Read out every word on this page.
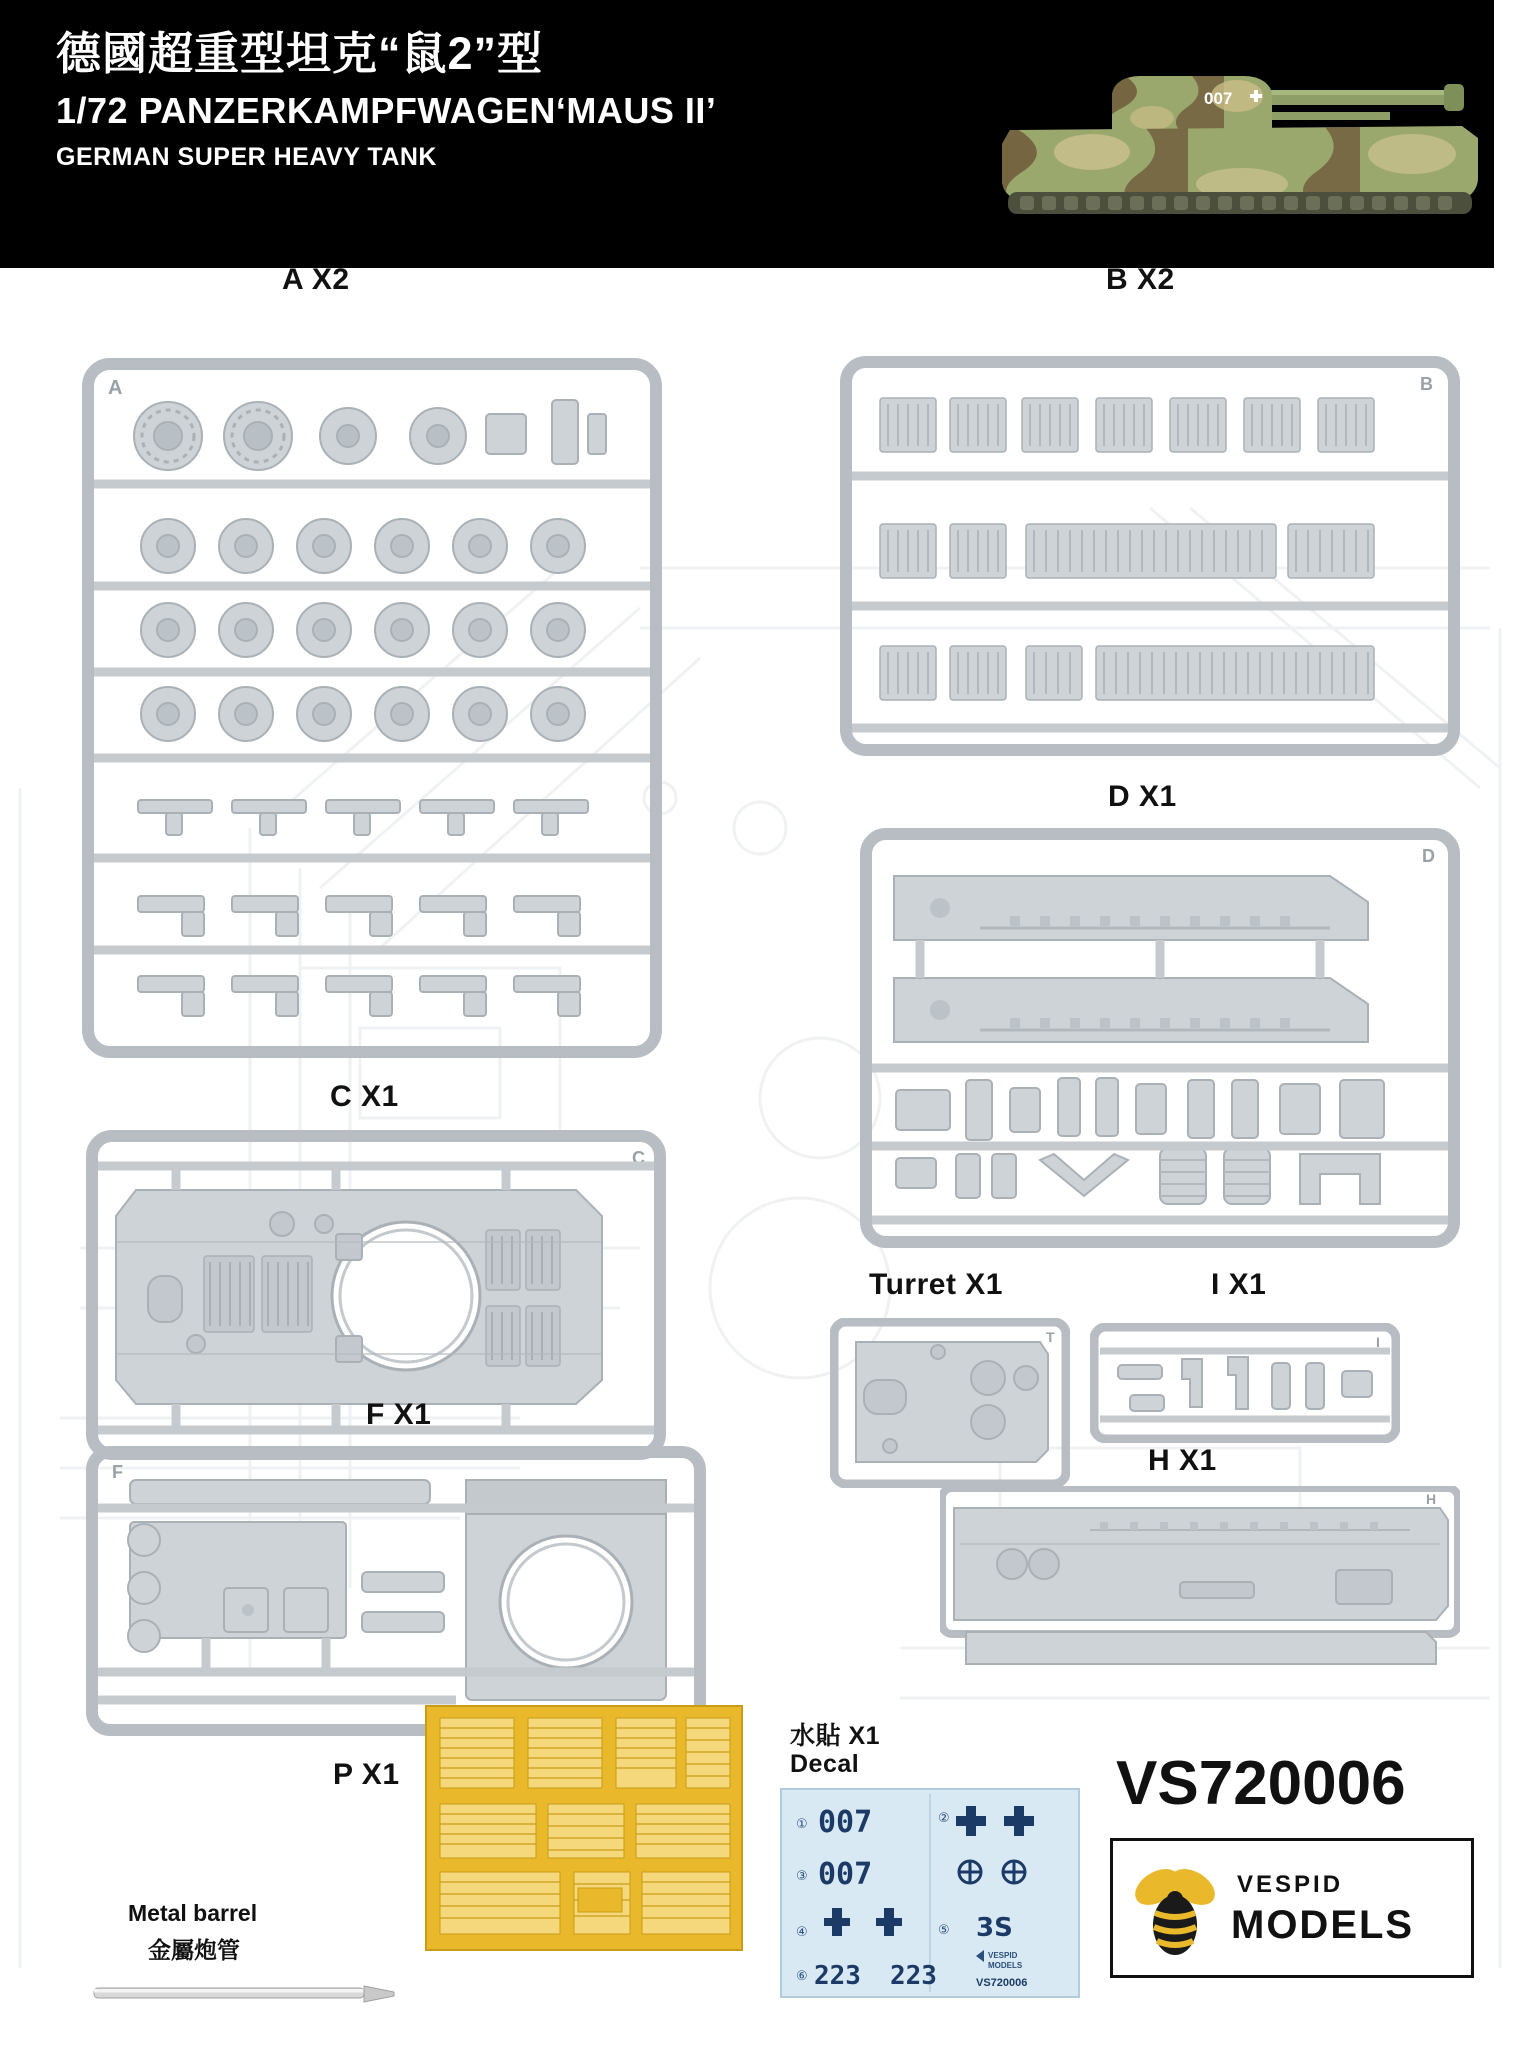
德國超重型坦克“鼠2”型
1/72 PANZERKAMPFWAGEN‘MAUS II’
GERMAN SUPER HEAVY TANK
007
A X2
A
B X2
B
D X1
D
C X1
C
Turret X1
T
I X1
I
F X1
F	H X1
H
P X1
Metal barrel
金屬炮管
水貼 X1
Decal
① 007	②
③ 007
④	⑤ 3S
⑥ 223 223
VESPID
MODELS
VS720006
VS720006
VESPID
MODELS
